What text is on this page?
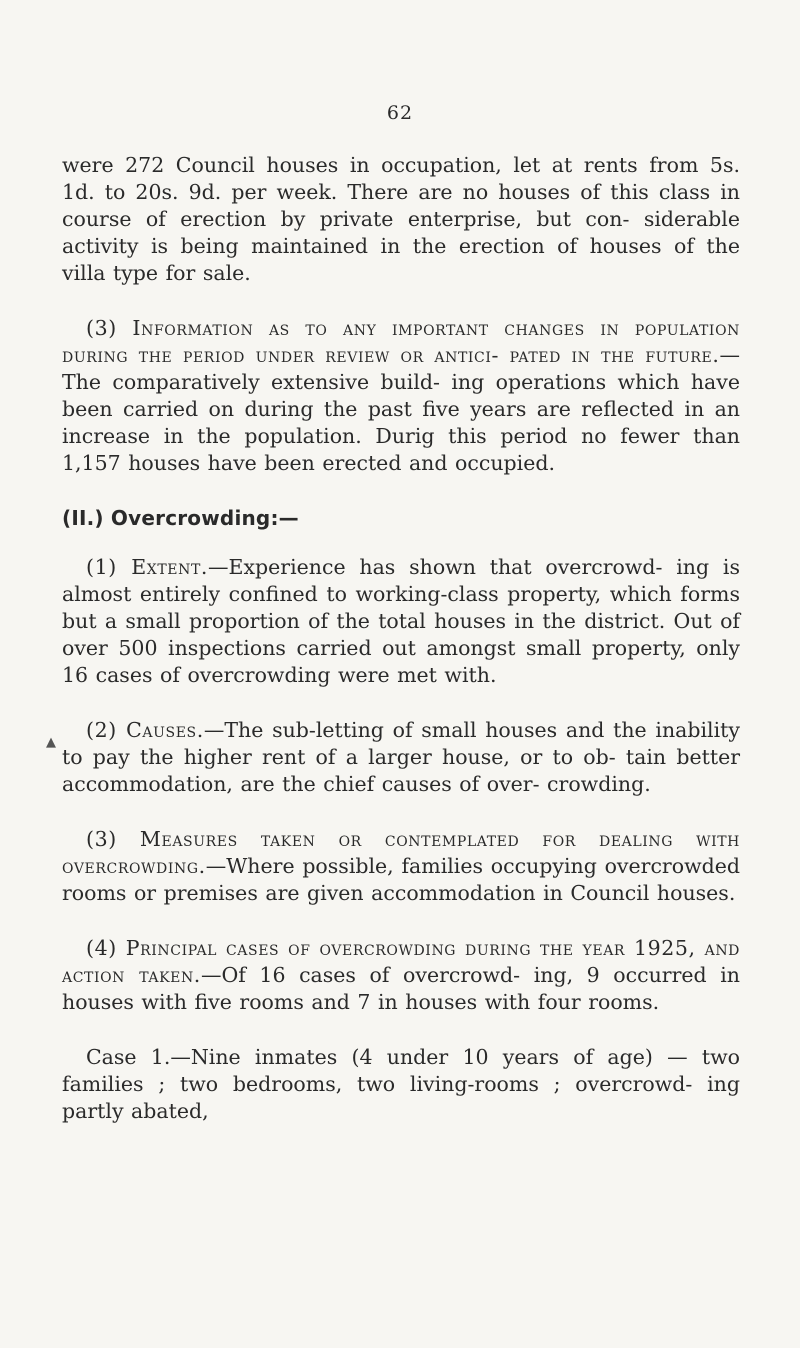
62
▲

were 272 Council houses in occupation, let at rents from 5s. 1d. to 20s. 9d. per week. There are no houses of this class in course of erection by private enterprise, but con- siderable activity is being maintained in the erection of houses of the villa type for sale.

(3) Information as to any important changes in population during the period under review or antici- pated in the future.—The comparatively extensive build- ing operations which have been carried on during the past five years are reflected in an increase in the population. Durig this period no fewer than 1,157 houses have been erected and occupied.

(II.) Overcrowding:—

(1) Extent.—Experience has shown that overcrowd- ing is almost entirely confined to working-class property, which forms but a small proportion of the total houses in the district. Out of over 500 inspections carried out amongst small property, only 16 cases of overcrowding were met with.

(2) Causes.—The sub-letting of small houses and the inability to pay the higher rent of a larger house, or to ob- tain better accommodation, are the chief causes of over- crowding.

(3) Measures taken or contemplated for dealing with overcrowding.—Where possible, families occupying overcrowded rooms or premises are given accommodation in Council houses.

(4) Principal cases of overcrowding during the year 1925, and action taken.—Of 16 cases of overcrowd- ing, 9 occurred in houses with five rooms and 7 in houses with four rooms.

Case 1.—Nine inmates (4 under 10 years of age) — two families ; two bedrooms, two living-rooms ; overcrowd- ing partly abated,
